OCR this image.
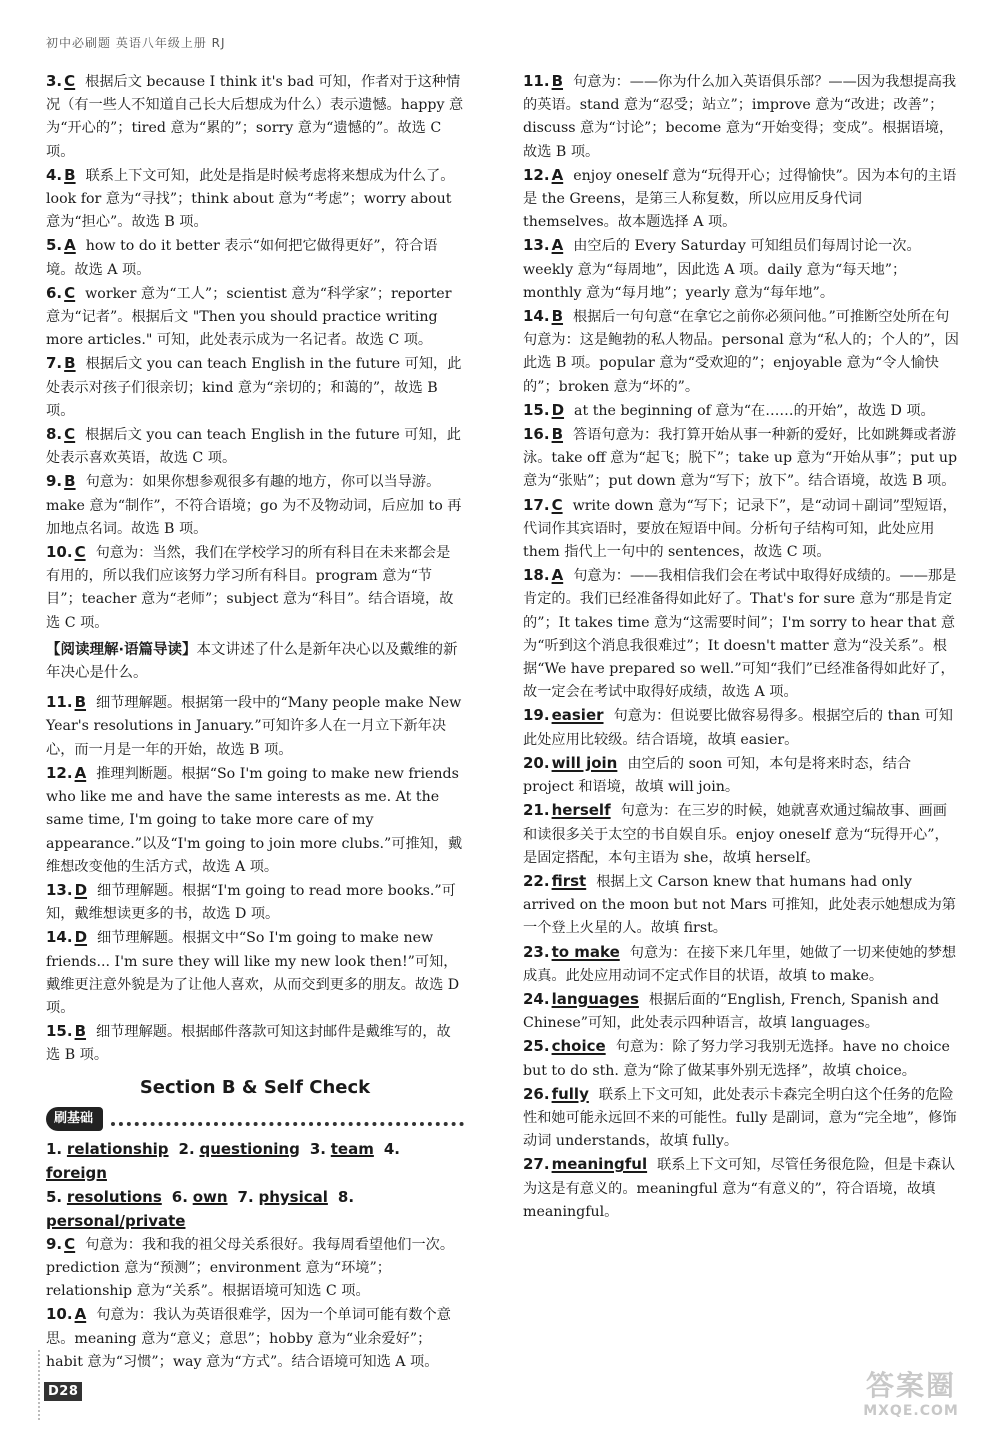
初中必刷题 英语八年级上册 RJ
3. C 根据后文 because I think it's bad 可知，作者对于这种情况（有一些人不知道自己长大后想成为什么）表示遗憾。happy 意为“开心的”；tired 意为“累的”；sorry 意为“遗憾的”。故选 C 项。
4. B 联系上下文可知，此处是指是时候考虑将来想成为什么了。look for 意为“寻找”；think about 意为“考虑”；worry about 意为“担心”。故选 B 项。
5. A how to do it better 表示“如何把它做得更好”，符合语境。故选 A 项。
6. C worker 意为“工人”；scientist 意为“科学家”；reporter 意为“记者”。根据后文 "Then you should practice writing more articles." 可知，此处表示成为一名记者。故选 C 项。
7. B 根据后文 you can teach English in the future 可知，此处表示对孩子们很亲切；kind 意为“亲切的；和蔼的”，故选 B 项。
8. C 根据后文 you can teach English in the future 可知，此处表示喜欢英语，故选 C 项。
9. B 句意为：如果你想参观很多有趣的地方，你可以当导游。make 意为“制作”，不符合语境；go 为不及物动词，后应加 to 再加地点名词。故选 B 项。
10. C 句意为：当然，我们在学校学习的所有科目在未来都会是有用的，所以我们应该努力学习所有科目。program 意为“节目”；teacher 意为“老师”；subject 意为“科目”。结合语境，故选 C 项。
【阅读理解·语篇导读】本文讲述了什么是新年决心以及戴维的新年决心是什么。
11. B 细节理解题。根据第一段中的“Many people make New Year's resolutions in January.”可知许多人在一月立下新年决心，而一月是一年的开始，故选 B 项。
12. A 推理判断题。根据“So I'm going to make new friends who like me and have the same interests as me. At the same time, I'm going to take more care of my appearance.”以及“I'm going to join more clubs.”可推知，戴维想改变他的生活方式，故选 A 项。
13. D 细节理解题。根据“I'm going to read more books.”可知，戴维想读更多的书，故选 D 项。
14. D 细节理解题。根据文中“So I'm going to make new friends... I'm sure they will like my new look then!”可知，戴维更注意外貌是为了让他人喜欢，从而交到更多的朋友。故选 D 项。
15. B 细节理解题。根据邮件落款可知这封邮件是戴维写的，故选 B 项。
Section B & Self Check
刷基础
1. relationship 2. questioning 3. team 4. foreign
5. resolutions 6. own 7. physical 8. personal/private
9. C 句意为：我和我的祖父母关系很好。我每周看望他们一次。prediction 意为“预测”；environment 意为“环境”；relationship 意为“关系”。根据语境可知选 C 项。
10. A 句意为：我认为英语很难学，因为一个单词可能有数个意思。meaning 意为“意义；意思”；hobby 意为“业余爱好”；habit 意为“习惯”；way 意为“方式”。结合语境可知选 A 项。
11. B 句意为：——你为什么加入英语俱乐部？——因为我想提高我的英语。stand 意为“忍受；站立”；improve 意为“改进；改善”；discuss 意为“讨论”；become 意为“开始变得；变成”。根据语境，故选 B 项。
12. A enjoy oneself 意为“玩得开心；过得愉快”。因为本句的主语是 the Greens，是第三人称复数，所以应用反身代词 themselves。故本题选择 A 项。
13. A 由空后的 Every Saturday 可知组员们每周讨论一次。weekly 意为“每周地”，因此选 A 项。daily 意为“每天地”；monthly 意为“每月地”；yearly 意为“每年地”。
14. B 根据后一句句意“在拿它之前你必须问他。”可推断空处所在句句意为：这是鲍勃的私人物品。personal 意为“私人的；个人的”，因此选 B 项。popular 意为“受欢迎的”；enjoyable 意为“令人愉快的”；broken 意为“坏的”。
15. D at the beginning of 意为“在……的开始”，故选 D 项。
16. B 答语句意为：我打算开始从事一种新的爱好，比如跳舞或者游泳。take off 意为“起飞；脱下”；take up 意为“开始从事”；put up 意为“张贴”；put down 意为“写下；放下”。结合语境，故选 B 项。
17. C write down 意为“写下；记录下”，是“动词＋副词”型短语，代词作其宾语时，要放在短语中间。分析句子结构可知，此处应用 them 指代上一句中的 sentences，故选 C 项。
18. A 句意为：——我相信我们会在考试中取得好成绩的。——那是肯定的。我们已经准备得如此好了。That's for sure 意为“那是肯定的”；It takes time 意为“这需要时间”；I'm sorry to hear that 意为“听到这个消息我很难过”；It doesn't matter 意为“没关系”。根据“We have prepared so well.”可知“我们”已经准备得如此好了，故一定会在考试中取得好成绩，故选 A 项。
19. easier 句意为：但说要比做容易得多。根据空后的 than 可知此处应用比较级。结合语境，故填 easier。
20. will join 由空后的 soon 可知，本句是将来时态，结合 project 和语境，故填 will join。
21. herself 句意为：在三岁的时候，她就喜欢通过编故事、画画和读很多关于太空的书自娱自乐。enjoy oneself 意为“玩得开心”，是固定搭配，本句主语为 she，故填 herself。
22. first 根据上文 Carson knew that humans had only arrived on the moon but not Mars 可推知，此处表示她想成为第一个登上火星的人。故填 first。
23. to make 句意为：在接下来几年里，她做了一切来使她的梦想成真。此处应用动词不定式作目的状语，故填 to make。
24. languages 根据后面的“English, French, Spanish and Chinese”可知，此处表示四种语言，故填 languages。
25. choice 句意为：除了努力学习我别无选择。have no choice but to do sth. 意为“除了做某事外别无选择”，故填 choice。
26. fully 联系上下文可知，此处表示卡森完全明白这个任务的危险性和她可能永远回不来的可能性。fully 是副词，意为“完全地”，修饰动词 understands，故填 fully。
27. meaningful 联系上下文可知，尽管任务很危险，但是卡森认为这是有意义的。meaningful 意为“有意义的”，符合语境，故填 meaningful。
D28	答案圈
MXQE.COM
